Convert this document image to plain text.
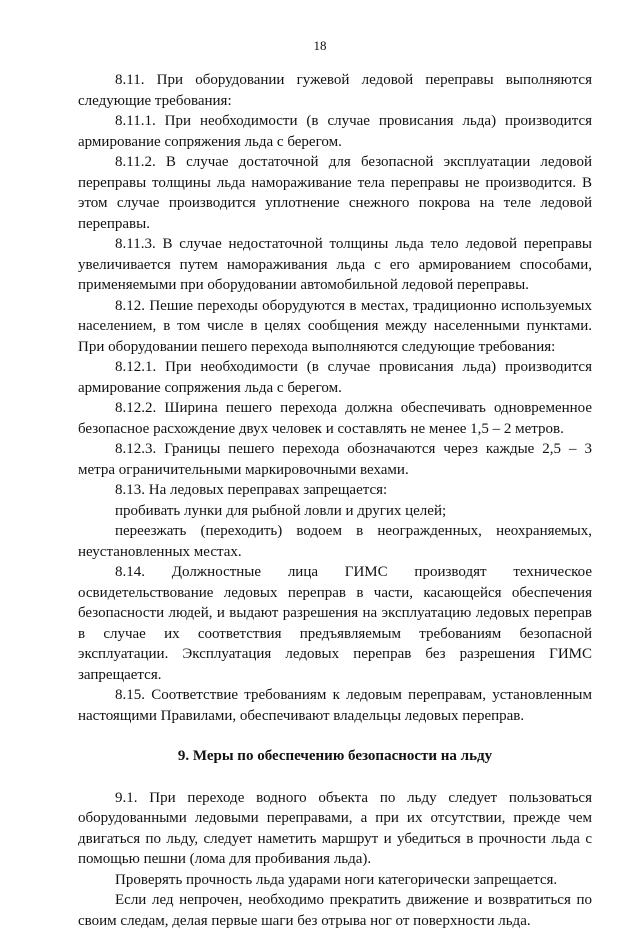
18

8.11. При оборудовании гужевой ледовой переправы выполняются следующие требования:

8.11.1. При необходимости (в случае провисания льда) производится армирование сопряжения льда с берегом.

8.11.2. В случае достаточной для безопасной эксплуатации ледовой переправы толщины льда намораживание тела переправы не производится. В этом случае производится уплотнение снежного покрова на теле ледовой переправы.

8.11.3. В случае недостаточной толщины льда тело ледовой переправы увеличивается путем намораживания льда с его армированием способами, применяемыми при оборудовании автомобильной ледовой переправы.

8.12. Пешие переходы оборудуются в местах, традиционно используемых населением, в том числе в целях сообщения между населенными пунктами. При оборудовании пешего перехода выполняются следующие требования:

8.12.1. При необходимости (в случае провисания льда) производится армирование сопряжения льда с берегом.

8.12.2. Ширина пешего перехода должна обеспечивать одновременное безопасное расхождение двух человек и составлять не менее 1,5 – 2 метров.

8.12.3. Границы пешего перехода обозначаются через каждые 2,5 – 3 метра ограничительными маркировочными вехами.

8.13. На ледовых переправах запрещается:

пробивать лунки для рыбной ловли и других целей;

переезжать (переходить) водоем в неогражденных, неохраняемых, неустановленных местах.

8.14. Должностные лица ГИМС производят техническое освидетельствование ледовых переправ в части, касающейся обеспечения безопасности людей, и выдают разрешения на эксплуатацию ледовых переправ в случае их соответствия предъявляемым требованиям безопасной эксплуатации. Эксплуатация ледовых переправ без разрешения ГИМС запрещается.

8.15. Соответствие требованиям к ледовым переправам, установленным настоящими Правилами, обеспечивают владельцы ледовых переправ.

9. Меры по обеспечению безопасности на льду

9.1. При переходе водного объекта по льду следует пользоваться оборудованными ледовыми переправами, а при их отсутствии, прежде чем двигаться по льду, следует наметить маршрут и убедиться в прочности льда с помощью пешни (лома для пробивания льда).

Проверять прочность льда ударами ноги категорически запрещается.

Если лед непрочен, необходимо прекратить движение и возвратиться по своим следам, делая первые шаги без отрыва ног от поверхности льда.
